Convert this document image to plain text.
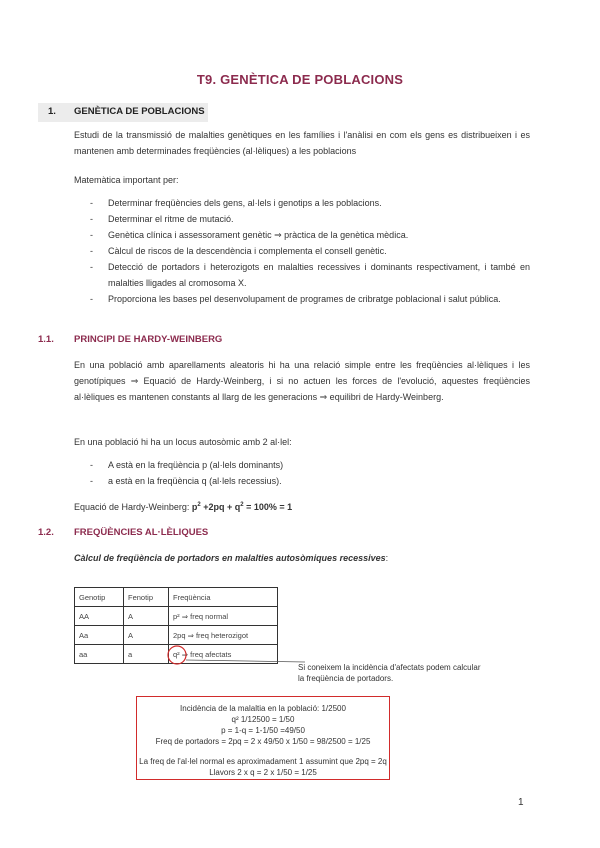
T9. GENÈTICA DE POBLACIONS
1. GENÈTICA DE POBLACIONS
Estudi de la transmissió de malalties genètiques en les famílies i l'anàlisi en com els gens es distribueixen i es mantenen amb determinades freqüències (al·lèliques) a les poblacions
Matemàtica important per:
- Determinar freqüències dels gens, al·lels i genotips a les poblacions.
- Determinar el ritme de mutació.
- Genètica clínica i assessorament genètic ⇒ pràctica de la genètica mèdica.
- Càlcul de riscos de la descendència i complementa el consell genètic.
- Detecció de portadors i heterozigots en malalties recessives i dominants respectivament, i també en malalties lligades al cromosoma X.
- Proporciona les bases pel desenvolupament de programes de cribratge poblacional i salut pública.
1.1. PRINCIPI DE HARDY-WEINBERG
En una població amb aparellaments aleatoris hi ha una relació simple entre les freqüències al·lèliques i les genotípiques ⇒ Equació de Hardy-Weinberg, i si no actuen les forces de l'evolució, aquestes freqüències al·lèliques es mantenen constants al llarg de les generacions ⇒ equilibri de Hardy-Weinberg.
En una població hi ha un locus autosòmic amb 2 al·lel:
- A està en la freqüència p (al·lels dominants)
- a està en la freqüència q (al·lels recessius).
Equació de Hardy-Weinberg: $p^2 +2pq + q^2 = 100\% = 1$
1.2. FREQÜÈNCIES AL·LÈLIQUES
Càlcul de freqüència de portadors en malalties autosòmiques recessives:
Genotip	Fenotip	Freqüència
AA	A	p² ⇒ freq normal
Aa	A	2pq ⇒ freq heterozigot
aa	a	q² ⇒ freq afectats
Si coneixem la incidència d'afectats podem calcular la freqüència de portadors.
Incidència de la malaltia en la població: 1/2500
q² 1/12500 = 1/50
p = 1-q = 1-1/50 =49/50
Freq de portadors = 2pq = 2 x 49/50 x 1/50 = 98/2500 = 1/25
La freq de l'al·lel normal es aproximadament 1 assumint que 2pq = 2q
Llavors 2 x q = 2 x 1/50 = 1/25
1
